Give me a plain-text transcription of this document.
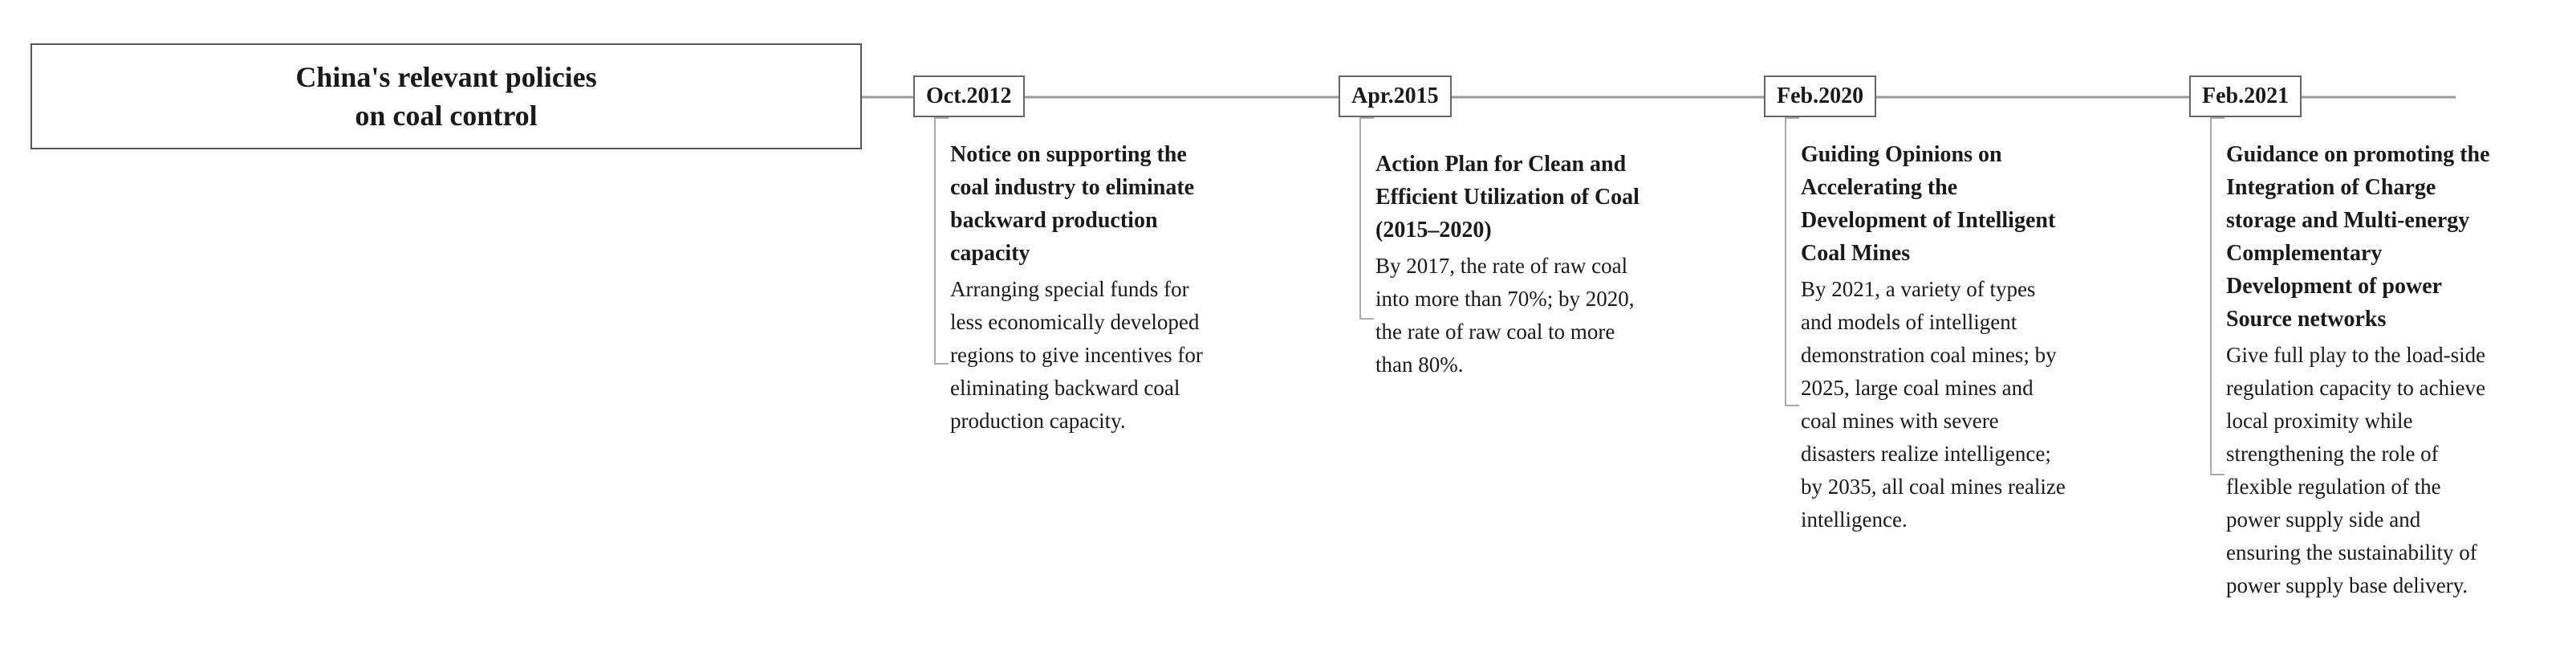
China's relevant policies
on coal control
Oct.2012
Notice on supporting the
coal industry to eliminate
backward production
capacity
Arranging special funds for
less economically developed
regions to give incentives for
eliminating backward coal
production capacity.
Apr.2015
Action Plan for Clean and
Efficient Utilization of Coal
(2015–2020)
By 2017, the rate of raw coal
into more than 70%; by 2020,
the rate of raw coal to more
than 80%.
Feb.2020
Guiding Opinions on
Accelerating the
Development of Intelligent
Coal Mines
By 2021, a variety of types
and models of intelligent
demonstration coal mines; by
2025, large coal mines and
coal mines with severe
disasters realize intelligence;
by 2035, all coal mines realize
intelligence.
Feb.2021
Guidance on promoting the
Integration of Charge
storage and Multi-energy
Complementary
Development of power
Source networks
Give full play to the load-side
regulation capacity to achieve
local proximity while
strengthening the role of
flexible regulation of the
power supply side and
ensuring the sustainability of
power supply base delivery.
